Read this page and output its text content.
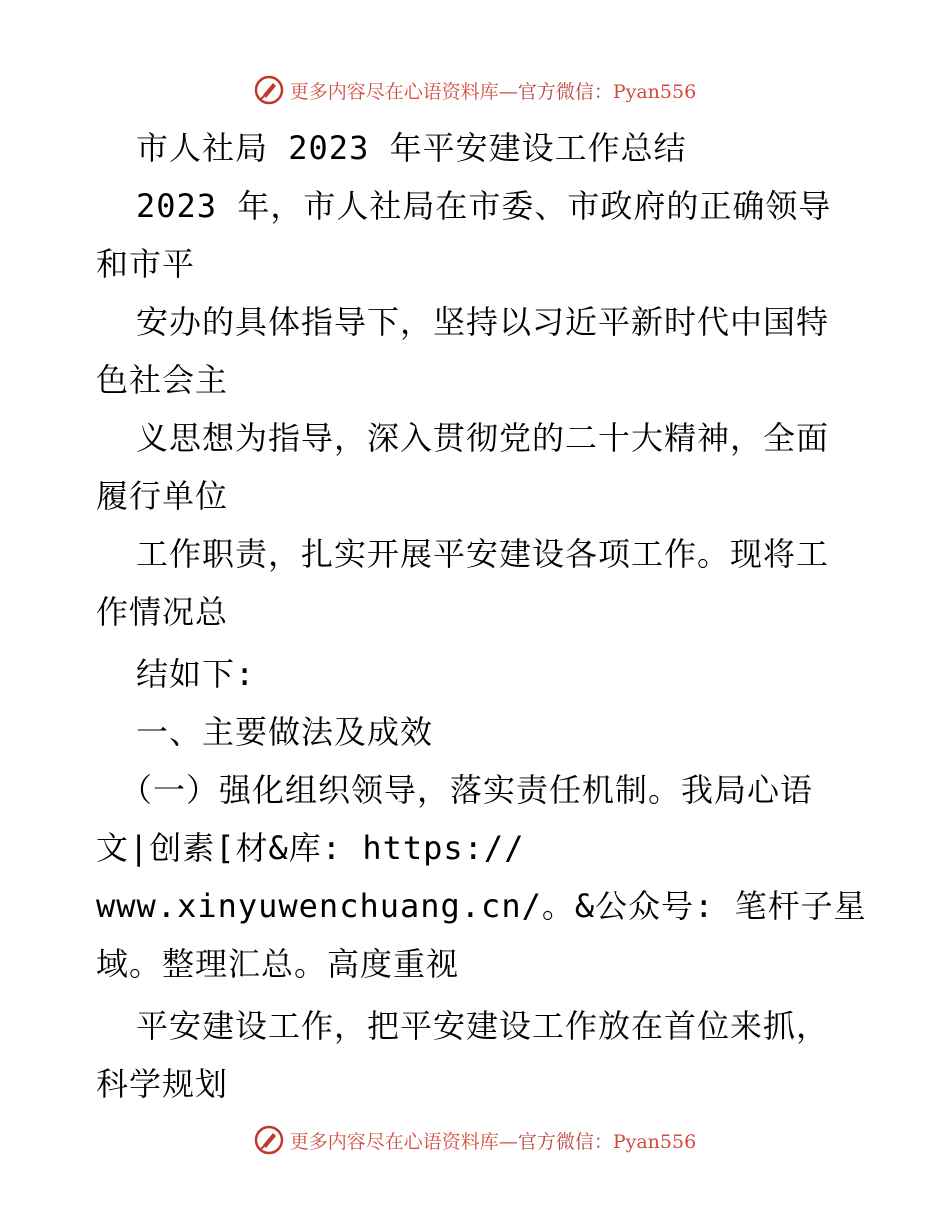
更多内容尽在心语资料库—官方微信：Pyan556
市人社局 2023 年平安建设工作总结
2023 年，市人社局在市委、市政府的正确领导
和市平
安办的具体指导下，坚持以习近平新时代中国特
色社会主
义思想为指导，深入贯彻党的二十大精神，全面
履行单位
工作职责，扎实开展平安建设各项工作。现将工
作情况总
结如下:
一、主要做法及成效
（一）强化组织领导，落实责任机制。我局心语
文|创素[材&库: https://
www.xinyuwenchuang.cn/。&公众号: 笔杆子星
域。整理汇总。高度重视
平安建设工作，把平安建设工作放在首位来抓，
科学规划
更多内容尽在心语资料库—官方微信：Pyan556
